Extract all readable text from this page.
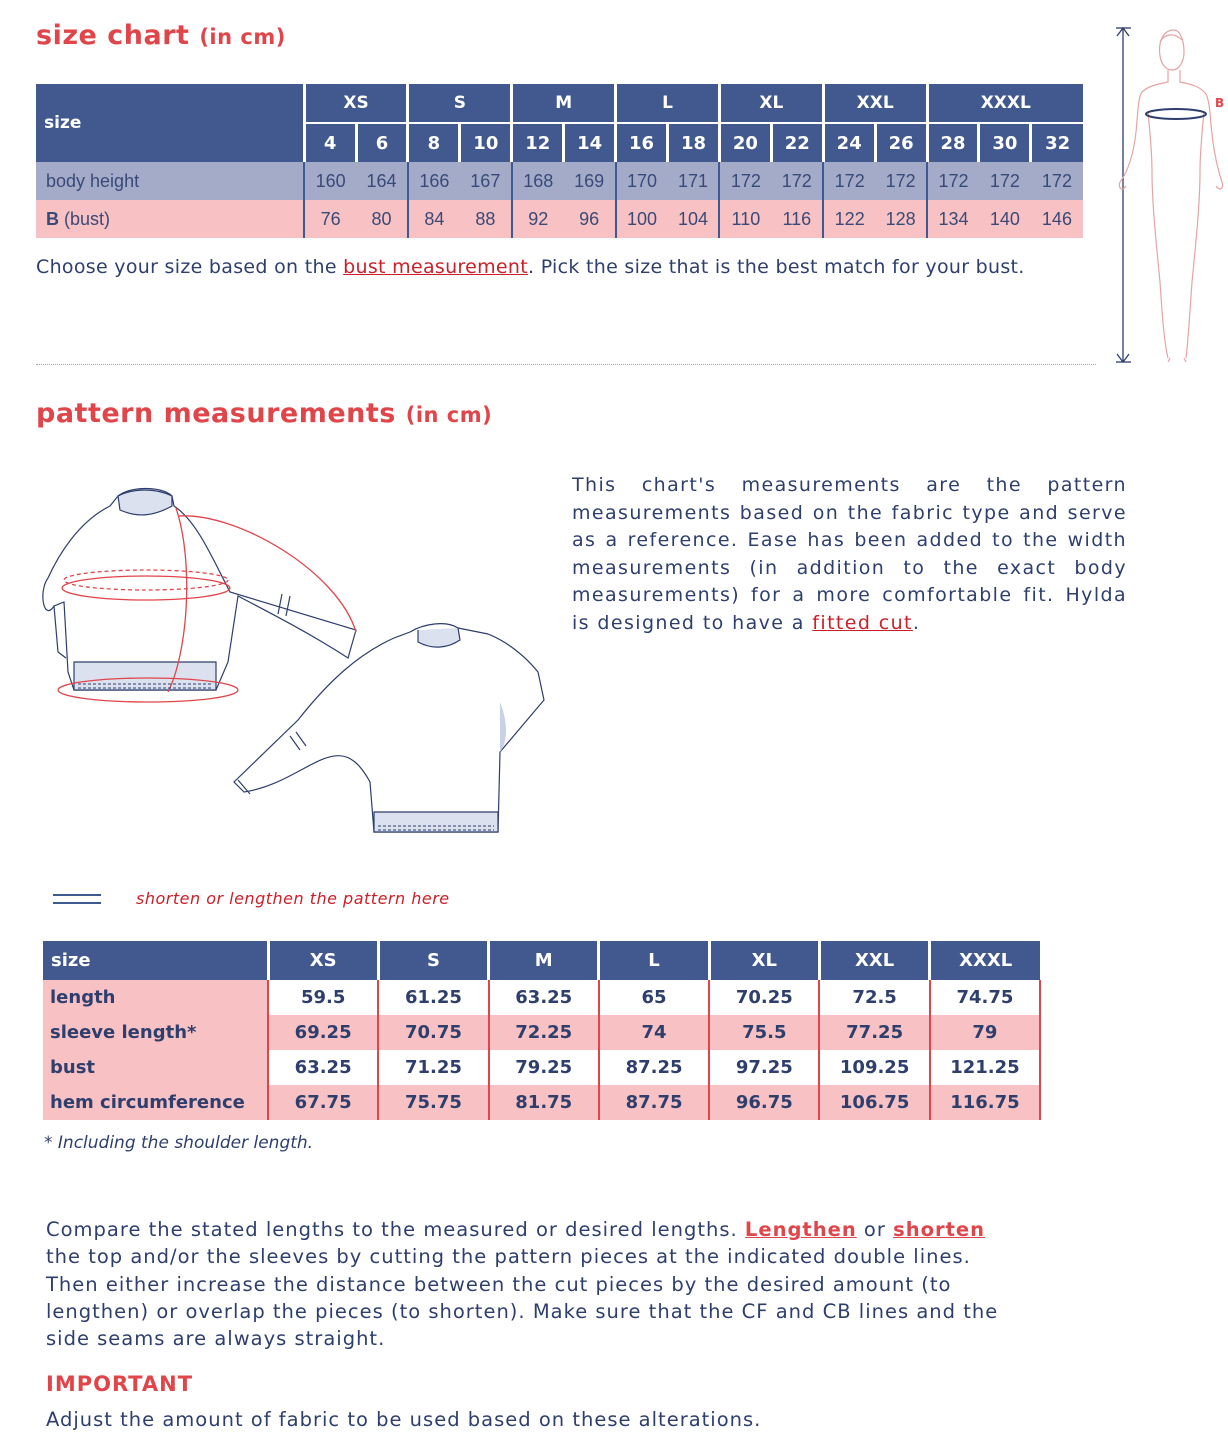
size chart (in cm)
size	XS		S		M		L		XL		XXL		XXXL		
	4	6	8	10	12	14	16	18	20	22	24	26	28	30	32
body height	160	164	166	167	168	169	170	171	172	172	172	172	172	172	172
B (bust)	76	80	84	88	92	96	100	104	110	116	122	128	134	140	146

Choose your size based on the bust measurement. Pick the size that is the best match for your bust.

B
pattern measurements (in cm)

This chart's measurements are the pattern measurements based on the fabric type and serve as a reference. Ease has been added to the width measurements (in addition to the exact body measurements) for a more comfortable fit. Hylda is designed to have a fitted cut.

shorten or lengthen the pattern here
size	XS	S	M	L	XL	XXL	XXXL
length	59.5	61.25	63.25	65	70.25	72.5	74.75
sleeve length*	69.25	70.75	72.25	74	75.5	77.25	79
bust	63.25	71.25	79.25	87.25	97.25	109.25	121.25
hem circumference	67.75	75.75	81.75	87.75	96.75	106.75	116.75

* Including the shoulder length.

Compare the stated lengths to the measured or desired lengths. Lengthen or shorten the top and/or the sleeves by cutting the pattern pieces at the indicated double lines. Then either increase the distance between the cut pieces by the desired amount (to lengthen) or overlap the pieces (to shorten). Make sure that the CF and CB lines and the side seams are always straight.

IMPORTANT

Adjust the amount of fabric to be used based on these alterations.
